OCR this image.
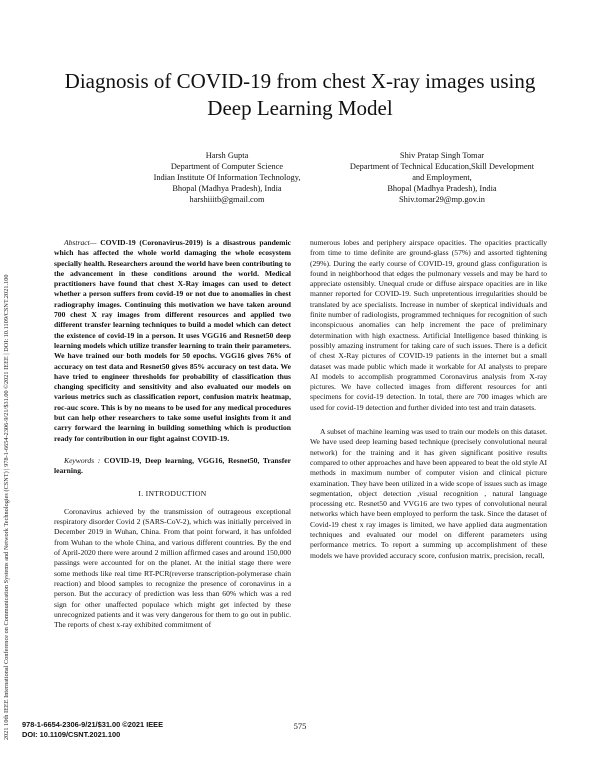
2021 10th IEEE International Conference on Communication Systems and Network Technologies (CSNT) | 978-1-6654-2306-9/21/$31.00 ©2021 IEEE | DOI: 10.1109/CSNT.2021.100
Diagnosis of COVID-19 from chest X-ray images using Deep Learning Model
Harsh Gupta
Department of Computer Science
Indian Institute Of Information Technology,
Bhopal (Madhya Pradesh), India
harshiiitb@gmail.com
Shiv Pratap Singh Tomar
Department of Technical Education,Skill Development
and Employment,
Bhopal (Madhya Pradesh), India
Shiv.tomar29@mp.gov.in

Abstract— COVID-19 (Coronavirus-2019) is a disastrous pandemic which has affected the whole world damaging the whole ecosystem specially health. Researchers around the world have been contributing to the advancement in these conditions around the world. Medical practitioners have found that chest X-Ray images can used to detect whether a person suffers from covid-19 or not due to anomalies in chest radiography images. Continuing this motivation we have taken around 700 chest X ray images from different resources and applied two different transfer learning techniques to build a model which can detect the existence of covid-19 in a person. It uses VGG16 and Resnet50 deep learning models which utilize transfer learning to train their parameters. We have trained our both models for 50 epochs. VGG16 gives 76% of accuracy on test data and Resnet50 gives 85% accuracy on test data. We have tried to engineer thresholds for probability of classification thus changing specificity and sensitivity and also evaluated our models on various metrics such as classification report, confusion matrix heatmap, roc-auc score. This is by no means to be used for any medical procedures but can help other researchers to take some useful insights from it and carry forward the learning in building something which is production ready for contribution in our fight against COVID-19.

Keywords : COVID-19, Deep learning, VGG16, Resnet50, Transfer learning.

I. INTRODUCTION

Coronavirus achieved by the transmission of outrageous exceptional respiratory disorder Covid 2 (SARS-CoV-2), which was initially perceived in December 2019 in Wuhan, China. From that point forward, it has unfolded from Wuhan to the whole China, and various different countries. By the end of April-2020 there were around 2 million affirmed cases and around 150,000 passings were accounted for on the planet. At the initial stage there were some methods like real time RT-PCR(reverse transcription-polymerase chain reaction) and blood samples to recognize the presence of coronavirus in a person. But the accuracy of prediction was less than 60% which was a red sign for other unaffected populace which might get infected by these unrecognized patients and it was very dangerous for them to go out in public. The reports of chest x-ray exhibited commitment of

numerous lobes and periphery airspace opacities. The opacities practically from time to time definite are ground-glass (57%) and assorted tightening (29%). During the early course of COVID-19, ground glass configuration is found in neighborhood that edges the pulmonary vessels and may be hard to appreciate ostensibly. Unequal crude or diffuse airspace opacities are in like manner reported for COVID-19. Such unpretentious irregularities should be translated by ace specialists. Increase in number of skeptical individuals and finite number of radiologists, programmed techniques for recognition of such inconspicuous anomalies can help increment the pace of preliminary determination with high exactness. Artificial Intelligence based thinking is possibly amazing instrument for taking care of such issues. There is a deficit of chest X-Ray pictures of COVID-19 patients in the internet but a small dataset was made public which made it workable for AI analysts to prepare AI models to accomplish programmed Coronavirus analysis from X-ray pictures. We have collected images from different resources for anti specimens for covid-19 detection. In total, there are 700 images which are used for covid-19 detection and further divided into test and train datasets.

A subset of machine learning was used to train our models on this dataset. We have used deep learning based technique (precisely convolutional neural network) for the training and it has given significant positive results compared to other approaches and have been appeared to beat the old style AI methods in maximum number of computer vision and clinical picture examination. They have been utilized in a wide scope of issues such as image segmentation, object detection ,visual recognition , natural language processing etc. Resnet50 and VVG16 are two types of convolutional neural networks which have been employed to perform the task. Since the dataset of Covid-19 chest x ray images is limited, we have applied data augmentation techniques and evaluated our model on different parameters using performance metrics. To report a summing up accomplishment of these models we have provided accuracy score, confusion matrix, precision, recall,

978-1-6654-2306-9/21/$31.00 ©2021 IEEE
DOI: 10.1109/CSNT.2021.100
575
